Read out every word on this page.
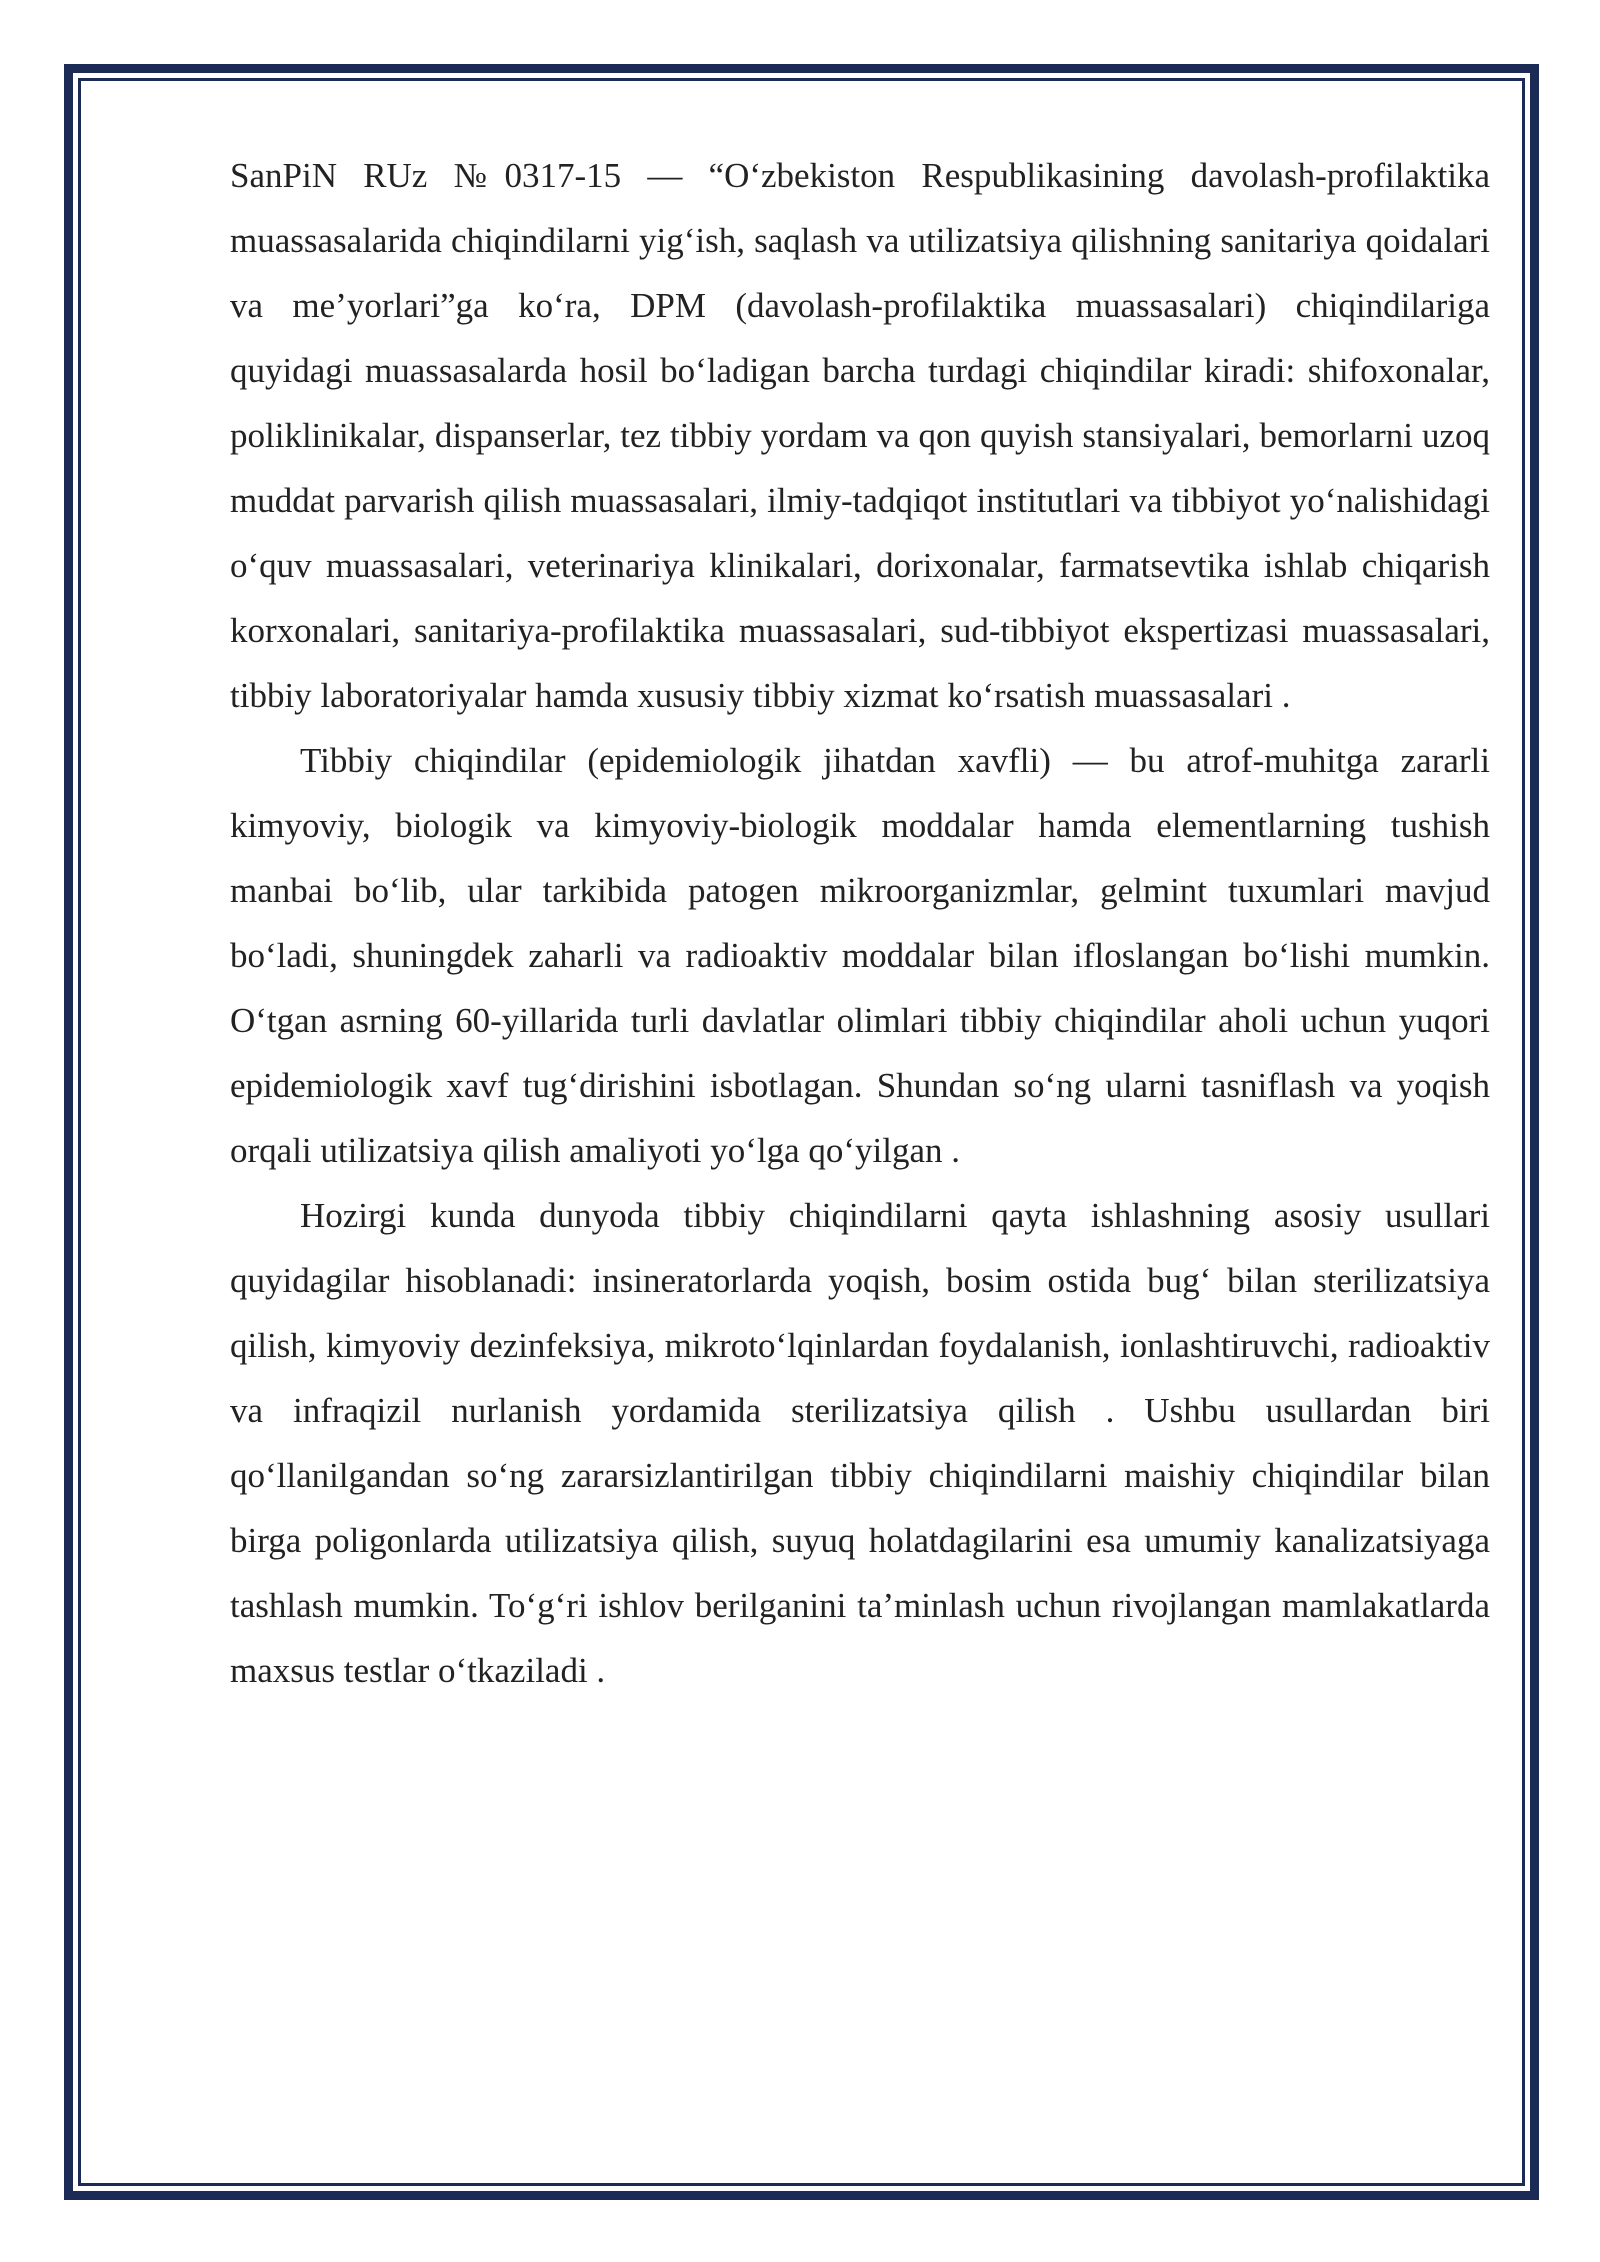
SanPiN RUz №0317-15 — “O‘zbekiston Respublikasining davolash-profilaktika muassasalarida chiqindilarni yig‘ish, saqlash va utilizatsiya qilishning sanitariya qoidalari va me’yorlari”ga ko‘ra, DPM (davolash-profilaktika muassasalari) chiqindilariga quyidagi muassasalarda hosil bo‘ladigan barcha turdagi chiqindilar kiradi: shifoxonalar, poliklinikalar, dispanserlar, tez tibbiy yordam va qon quyish stansiyalari, bemorlarni uzoq muddat parvarish qilish muassasalari, ilmiy-tadqiqot institutlari va tibbiyot yo‘nalishidagi o‘quv muassasalari, veterinariya klinikalari, dorixonalar, farmatsevtika ishlab chiqarish korxonalari, sanitariya-profilaktika muassasalari, sud-tibbiyot ekspertizasi muassasalari, tibbiy laboratoriyalar hamda xususiy tibbiy xizmat ko‘rsatish muassasalari .

Tibbiy chiqindilar (epidemiologik jihatdan xavfli) — bu atrof-muhitga zararli kimyoviy, biologik va kimyoviy-biologik moddalar hamda elementlarning tushish manbai bo‘lib, ular tarkibida patogen mikroorganizmlar, gelmint tuxumlari mavjud bo‘ladi, shuningdek zaharli va radioaktiv moddalar bilan ifloslangan bo‘lishi mumkin. O‘tgan asrning 60-yillarida turli davlatlar olimlari tibbiy chiqindilar aholi uchun yuqori epidemiologik xavf tug‘dirishini isbotlagan. Shundan so‘ng ularni tasniflash va yoqish orqali utilizatsiya qilish amaliyoti yo‘lga qo‘yilgan .

Hozirgi kunda dunyoda tibbiy chiqindilarni qayta ishlashning asosiy usullari quyidagilar hisoblanadi: insineratorlarda yoqish, bosim ostida bug‘ bilan sterilizatsiya qilish, kimyoviy dezinfeksiya, mikroto‘lqinlardan foydalanish, ionlashtiruvchi, radioaktiv va infraqizil nurlanish yordamida sterilizatsiya qilish . Ushbu usullardan biri qo‘llanilgandan so‘ng zararsizlantirilgan tibbiy chiqindilarni maishiy chiqindilar bilan birga poligonlarda utilizatsiya qilish, suyuq holatdagilarini esa umumiy kanalizatsiyaga tashlash mumkin. To‘g‘ri ishlov berilganini ta’minlash uchun rivojlangan mamlakatlarda maxsus testlar o‘tkaziladi .
